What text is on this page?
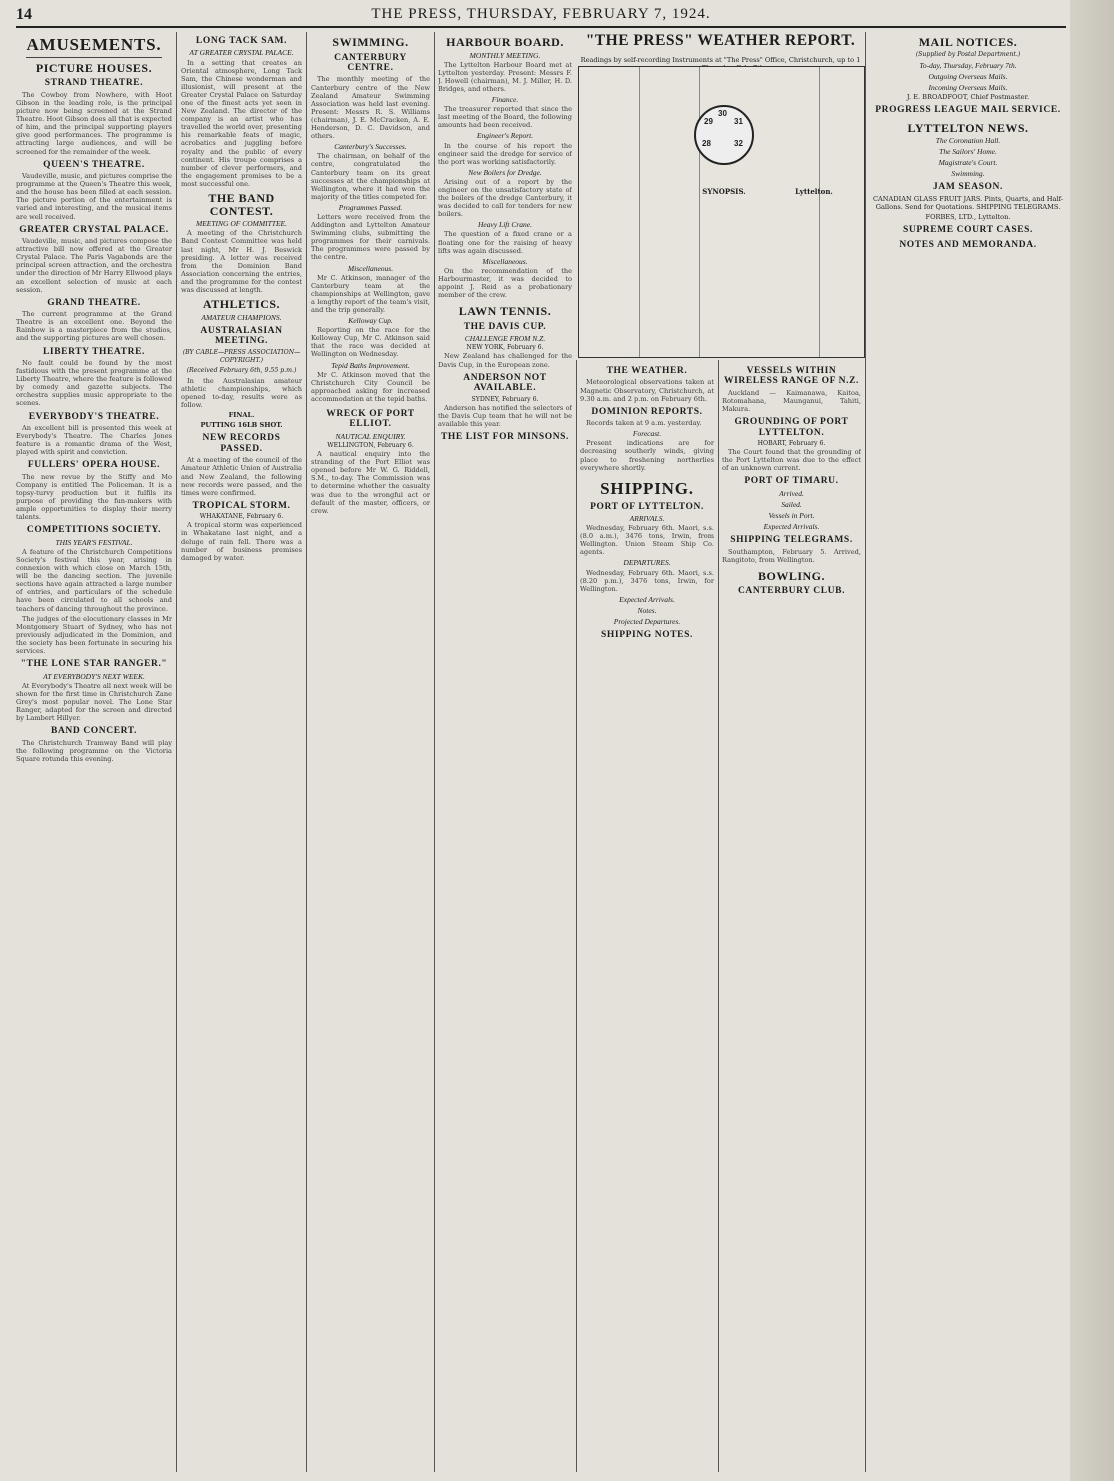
14	THE PRESS, THURSDAY, FEBRUARY 7, 1924.
AMUSEMENTS.
PICTURE HOUSES.
STRAND THEATRE.

The Cowboy from Nowhere, with Hoot Gibson in the leading role, is the principal picture now being screened at the Strand Theatre. Hoot Gibson does all that is expected of him, and the principal supporting players give good performances. The programme is attracting large audiences, and will be screened for the remainder of the week.

QUEEN'S THEATRE.

Vaudeville, music, and pictures comprise the programme at the Queen's Theatre this week, and the house has been filled at each session. The picture portion of the entertainment is varied and interesting, and the musical items are well received.

GREATER CRYSTAL PALACE.

Vaudeville, music, and pictures compose the attractive bill now offered at the Greater Crystal Palace. The Paris Vagabonds are the principal screen attraction, and the orchestra under the direction of Mr Harry Ellwood plays an excellent selection of music at each session.

GRAND THEATRE.

The current programme at the Grand Theatre is an excellent one. Beyond the Rainbow is a masterpiece from the studios, and the supporting pictures are well chosen.

LIBERTY THEATRE.

No fault could be found by the most fastidious with the present programme at the Liberty Theatre, where the feature is followed by comedy and gazette subjects. The orchestra supplies music appropriate to the scenes.

EVERYBODY'S THEATRE.

An excellent bill is presented this week at Everybody's Theatre. The Charles Jones feature is a romantic drama of the West, played with spirit and conviction.

FULLERS' OPERA HOUSE.

The new revue by the Stiffy and Mo Company is entitled The Policeman. It is a topsy-turvy production but it fulfils its purpose of providing the fun-makers with ample opportunities to display their merry talents.

COMPETITIONS SOCIETY.
THIS YEAR'S FESTIVAL.

A feature of the Christchurch Competitions Society's festival this year, arising in connexion with which close on March 15th, will be the dancing section. The juvenile sections have again attracted a large number of entries, and particulars of the schedule have been circulated to all schools and teachers of dancing throughout the province.

The judges of the elocutionary classes in Mr Montgomery Stuart of Sydney, who has not previously adjudicated in the Dominion, and the society has been fortunate in securing his services.

"THE LONE STAR RANGER."
AT EVERYBODY'S NEXT WEEK.

At Everybody's Theatre all next week will be shown for the first time in Christchurch Zane Grey's most popular novel. The Lone Star Ranger, adapted for the screen and directed by Lambert Hillyer.

BAND CONCERT.

The Christchurch Tramway Band will play the following programme on the Victoria Square rotunda this evening.

LONG TACK SAM.
AT GREATER CRYSTAL PALACE.

In a setting that creates an Oriental atmosphere, Long Tack Sam, the Chinese wonderman and illusionist, will present at the Greater Crystal Palace on Saturday one of the finest acts yet seen in New Zealand. The director of the company is an artist who has travelled the world over, presenting his remarkable feats of magic, acrobatics and juggling before royalty and the public of every continent. His troupe comprises a number of clever performers, and the engagement promises to be a most successful one.

THE BAND CONTEST.
MEETING OF COMMITTEE.

A meeting of the Christchurch Band Contest Committee was held last night, Mr H. J. Beswick presiding. A letter was received from the Dominion Band Association concerning the entries, and the programme for the contest was discussed at length.

ATHLETICS.
AMATEUR CHAMPIONS.
AUSTRALASIAN MEETING.
(BY CABLE—PRESS ASSOCIATION—COPYRIGHT.)
(Received February 6th, 9.55 p.m.)

In the Australasian amateur athletic championships, which opened to-day, results were as follow.

FINAL.
PUTTING 16LB SHOT.
NEW RECORDS PASSED.

At a meeting of the council of the Amateur Athletic Union of Australia and New Zealand, the following new records were passed, and the times were confirmed.

TROPICAL STORM.
WHAKATANE, February 6.

A tropical storm was experienced in Whakatane last night, and a deluge of rain fell. There was a number of business premises damaged by water.

SWIMMING.
CANTERBURY CENTRE.

The monthly meeting of the Canterbury centre of the New Zealand Amateur Swimming Association was held last evening. Present: Messrs R. S. Williams (chairman), J. E. McCracken, A. E. Henderson, D. C. Davidson, and others.

Canterbury's Successes.

The chairman, on behalf of the centre, congratulated the Canterbury team on its great successes at the championships at Wellington, where it had won the majority of the titles competed for.

Programmes Passed.

Letters were received from the Addington and Lyttelton Amateur Swimming clubs, submitting the programmes for their carnivals. The programmes were passed by the centre.

Miscellaneous.

Mr C. Atkinson, manager of the Canterbury team at the championships at Wellington, gave a lengthy report of the team's visit, and the trip generally.

Kelloway Cup.

Reporting on the race for the Kelloway Cup, Mr C. Atkinson said that the race was decided at Wellington on Wednesday.

Tepid Baths Improvement.

Mr C. Atkinson moved that the Christchurch City Council be approached asking for increased accommodation at the tepid baths.

WRECK OF PORT ELLIOT.
NAUTICAL ENQUIRY.
WELLINGTON, February 6.

A nautical enquiry into the stranding of the Port Elliot was opened before Mr W. G. Riddell, S.M., to-day. The Commission was to determine whether the casualty was due to the wrongful act or default of the master, officers, or crew.

HARBOUR BOARD.
MONTHLY MEETING.

The Lyttelton Harbour Board met at Lyttelton yesterday. Present: Messrs F. J. Howell (chairman), M. J. Miller, H. D. Bridges, and others.

Finance.

The treasurer reported that since the last meeting of the Board, the following amounts had been received.

Engineer's Report.

In the course of his report the engineer said the dredge for service of the port was working satisfactorily.

New Boilers for Dredge.

Arising out of a report by the engineer on the unsatisfactory state of the boilers of the dredge Canterbury, it was decided to call for tenders for new boilers.

Heavy Lift Crane.

The question of a fixed crane or a floating one for the raising of heavy lifts was again discussed.

Miscellaneous.

On the recommendation of the Harbourmaster, it was decided to appoint J. Reid as a probationary member of the crew.

LAWN TENNIS.
THE DAVIS CUP.
CHALLENGE FROM N.Z.
NEW YORK, February 6.

New Zealand has challenged for the Davis Cup, in the European zone.

ANDERSON NOT AVAILABLE.
SYDNEY, February 6.

Anderson has notified the selectors of the Davis Cup team that he will not be available this year.

THE LIST FOR MINSONS.
"THE PRESS" WEATHER REPORT.
Readings by self-recording Instruments at "The Press" Office, Christchurch, up to 1
29
30
31
28	32
SYNOPSIS.	Lyttelton.
THE WEATHER.

Meteorological observations taken at Magnetic Observatory, Christchurch, at 9.30 a.m. and 2 p.m. on February 6th.

DOMINION REPORTS.

Records taken at 9 a.m. yesterday.

Forecast.

Present indications are for decreasing southerly winds, giving place to freshening northerlies everywhere shortly.

SHIPPING.
PORT OF LYTTELTON.
ARRIVALS.

Wednesday, February 6th. Maori, s.s. (8.0 a.m.), 3476 tons, Irwin, from Wellington. Union Steam Ship Co. agents.

DEPARTURES.

Wednesday, February 6th. Maori, s.s. (8.20 p.m.), 3476 tons, Irwin, for Wellington.

Expected Arrivals.
Notes.
Projected Departures.
SHIPPING NOTES.
VESSELS WITHIN WIRELESS RANGE OF N.Z.

Auckland — Kaimanawa, Kaitoa, Rotomahana, Maunganui, Tahiti, Makura.

GROUNDING OF PORT LYTTELTON.
HOBART, February 6.

The Court found that the grounding of the Port Lyttelton was due to the effect of an unknown current.

PORT OF TIMARU.
Arrived.
Sailed.
Vessels in Port.
Expected Arrivals.
SHIPPING TELEGRAMS.

Southampton, February 5. Arrived, Rangitoto, from Wellington.

BOWLING.
CANTERBURY CLUB.
MAIL NOTICES.
(Supplied by Postal Department.)
To-day, Thursday, February 7th.
Outgoing Overseas Mails.
Incoming Overseas Mails.
J. E. BROADFOOT, Chief Postmaster.
PROGRESS LEAGUE MAIL SERVICE.
LYTTELTON NEWS.
The Coronation Hall.
The Sailors' Home.
Magistrate's Court.
Swimming.
JAM SEASON.

CANADIAN GLASS FRUIT JARS. Pints, Quarts, and Half-Gallons. Send for Quotations. SHIPPING TELEGRAMS.

FORBES, LTD., Lyttelton.
SUPREME COURT CASES.
NOTES AND MEMORANDA.
